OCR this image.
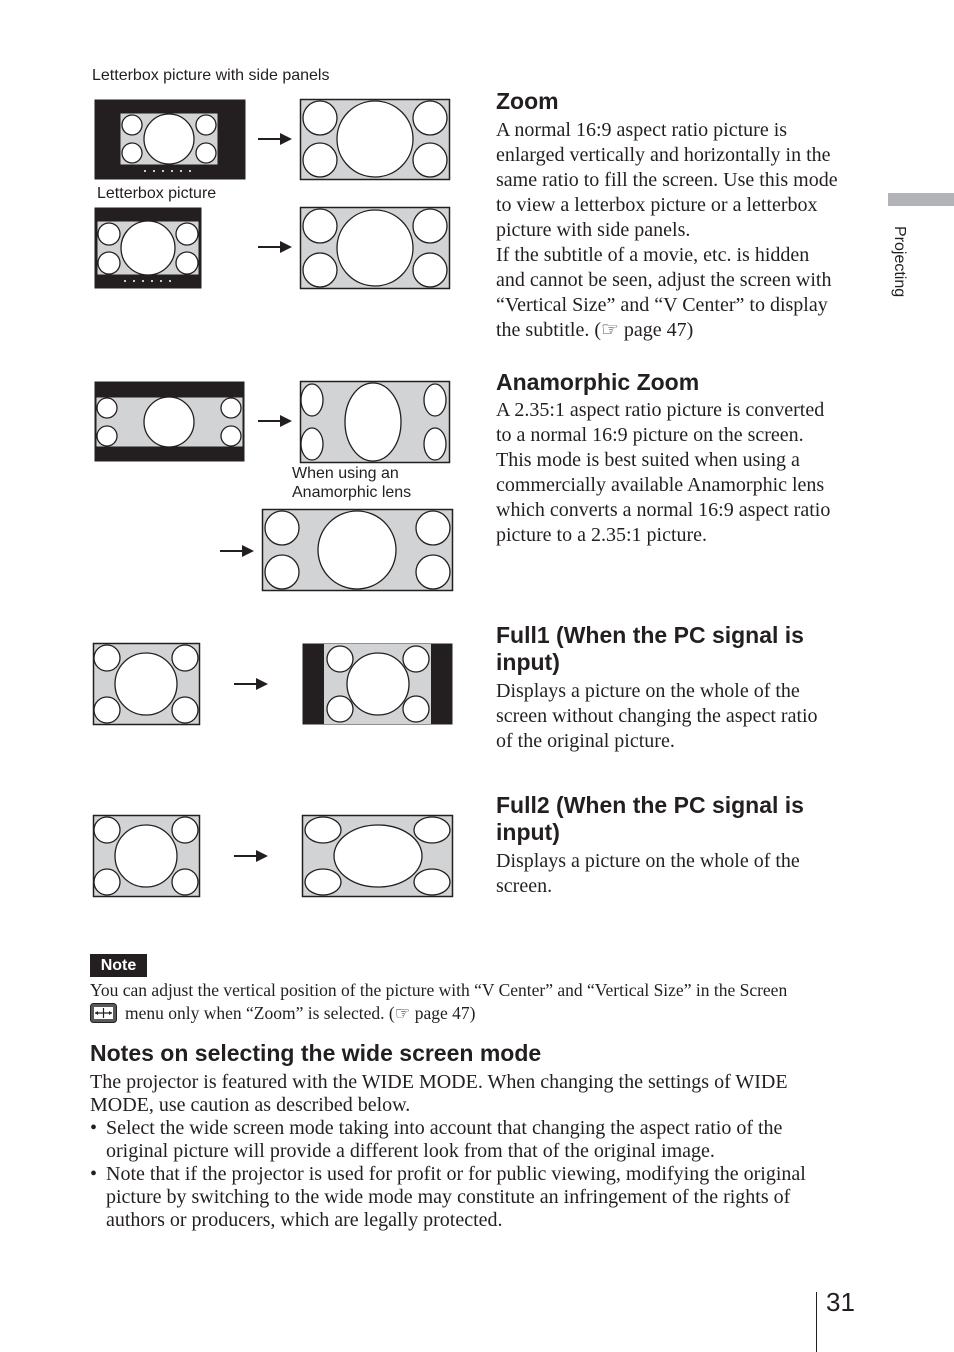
Projecting
Letterbox picture with side panels
Letterbox picture
When using an
Anamorphic lens
Zoom
A normal 16:9 aspect ratio picture is
enlarged vertically and horizontally in the
same ratio to fill the screen. Use this mode
to view a letterbox picture or a letterbox
picture with side panels.
If the subtitle of a movie, etc. is hidden
and cannot be seen, adjust the screen with
“Vertical Size” and “V Center” to display
the subtitle. (☞ page 47)
Anamorphic Zoom
A 2.35:1 aspect ratio picture is converted
to a normal 16:9 picture on the screen.
This mode is best suited when using a
commercially available Anamorphic lens
which converts a normal 16:9 aspect ratio
picture to a 2.35:1 picture.
Full1 (When the PC signal is
input)
Displays a picture on the whole of the
screen without changing the aspect ratio
of the original picture.
Full2 (When the PC signal is
input)
Displays a picture on the whole of the
screen.
Note
You can adjust the vertical position of the picture with “V Center” and “Vertical Size” in the Screen
menu only when “Zoom” is selected. (☞ page 47)
Notes on selecting the wide screen mode
The projector is featured with the WIDE MODE. When changing the settings of WIDE
MODE, use caution as described below.
• Select the wide screen mode taking into account that changing the aspect ratio of the
original picture will provide a different look from that of the original image.
• Note that if the projector is used for profit or for public viewing, modifying the original
picture by switching to the wide mode may constitute an infringement of the rights of
authors or producers, which are legally protected.
31
